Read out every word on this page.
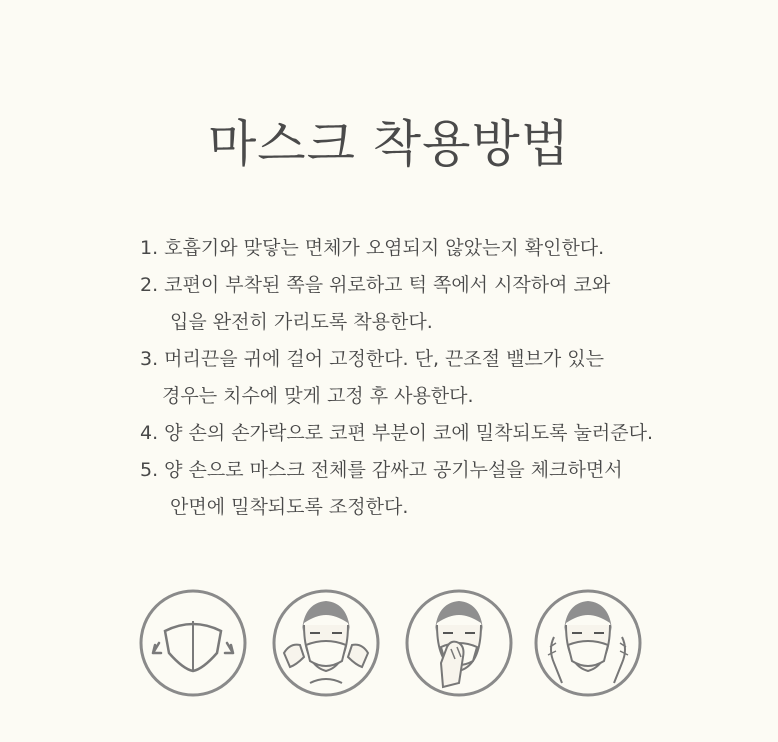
마스크 착용방법
1. 호흡기와 맞닿는 면체가 오염되지 않았는지 확인한다.
2. 코편이 부착된 쪽을 위로하고 턱 쪽에서 시작하여 코와
입을 완전히 가리도록 착용한다.
3. 머리끈을 귀에 걸어 고정한다. 단, 끈조절 밸브가 있는
경우는 치수에 맞게 고정 후 사용한다.
4. 양 손의 손가락으로 코편 부분이 코에 밀착되도록 눌러준다.
5. 양 손으로 마스크 전체를 감싸고 공기누설을 체크하면서
안면에 밀착되도록 조정한다.
